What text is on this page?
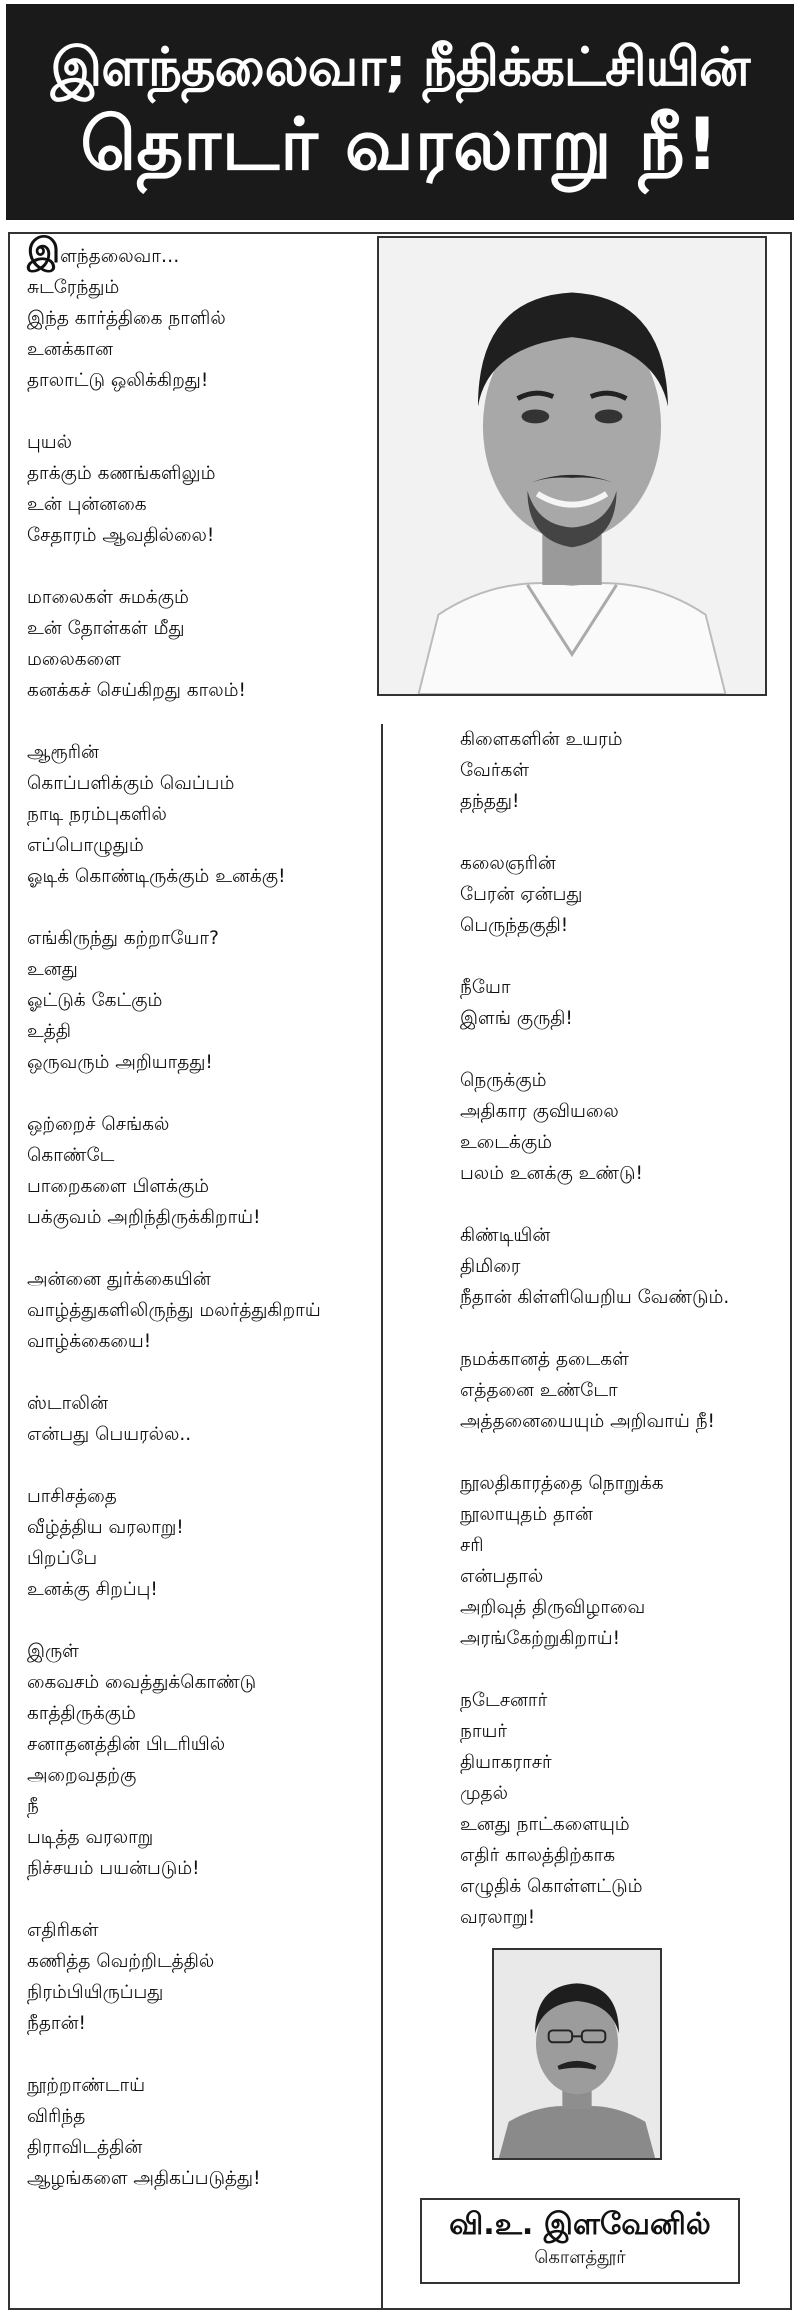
இளந்தலைவா; நீதிக்கட்சியின்
தொடர் வரலாறு நீ!
இளந்தலைவா…
சுடரேந்தும்
இந்த கார்த்திகை நாளில்
உனக்கான
தாலாட்டு ஒலிக்கிறது!
புயல்
தாக்கும் கணங்களிலும்
உன் புன்னகை
சேதாரம் ஆவதில்லை!
மாலைகள் சுமக்கும்
உன் தோள்கள் மீது
மலைகளை
கனக்கச் செய்கிறது காலம்!
ஆரூரின்
கொப்பளிக்கும் வெப்பம்
நாடி நரம்புகளில்
எப்பொழுதும்
ஓடிக் கொண்டிருக்கும் உனக்கு!
எங்கிருந்து கற்றாயோ?
உனது
ஓட்டுக் கேட்கும்
உத்தி
ஒருவரும் அறியாதது!
ஒற்றைச் செங்கல்
கொண்டே
பாறைகளை பிளக்கும்
பக்குவம் அறிந்திருக்கிறாய்!
அன்னை துர்க்கையின்
வாழ்த்துகளிலிருந்து மலர்த்துகிறாய்
வாழ்க்கையை!
ஸ்டாலின்
என்பது பெயரல்ல..
பாசிசத்தை
வீழ்த்திய வரலாறு!
பிறப்பே
உனக்கு சிறப்பு!
இருள்
கைவசம் வைத்துக்கொண்டு
காத்திருக்கும்
சனாதனத்தின் பிடரியில்
அறைவதற்கு
நீ
படித்த வரலாறு
நிச்சயம் பயன்படும்!
எதிரிகள்
கணித்த வெற்றிடத்தில்
நிரம்பியிருப்பது
நீதான்!
நூற்றாண்டாய்
விரிந்த
திராவிடத்தின்
ஆழங்களை அதிகப்படுத்து!
கிளைகளின் உயரம்
வேர்கள்
தந்தது!
கலைஞரின்
பேரன் ஏன்பது
பெருந்தகுதி!
நீயோ
இளங் குருதி!
நெருக்கும்
அதிகார குவியலை
உடைக்கும்
பலம் உனக்கு உண்டு!
கிண்டியின்
திமிரை
நீதான் கிள்ளியெறிய வேண்டும்.
நமக்கானத் தடைகள்
எத்தனை உண்டோ
அத்தனையையும் அறிவாய் நீ!
நூலதிகாரத்தை நொறுக்க
நூலாயுதம் தான்
சரி
என்பதால்
அறிவுத் திருவிழாவை
அரங்கேற்றுகிறாய்!
நடேசனார்
நாயர்
தியாகராசர்
முதல்
உனது நாட்களையும்
எதிர் காலத்திற்காக
எழுதிக் கொள்ளட்டும்
வரலாறு!
வி.உ. இளவேனில்
கொளத்தூர்
